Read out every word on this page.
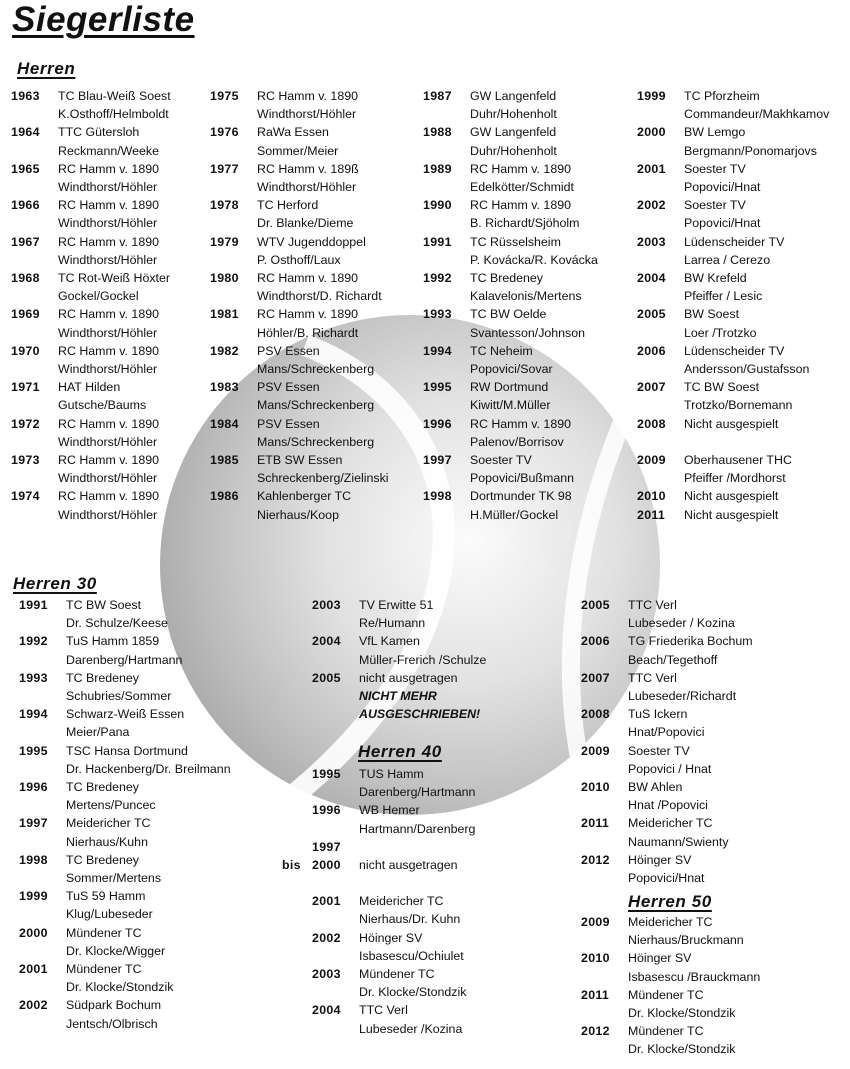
Siegerliste
Herren
1963	TC Blau-Weiß Soest
K.Osthoff/Helmboldt
1964	TTC Gütersloh
Reckmann/Weeke
1965	RC Hamm v. 1890
Windthorst/Höhler
1966	RC Hamm v. 1890
Windthorst/Höhler
1967	RC Hamm v. 1890
Windthorst/Höhler
1968	TC Rot-Weiß Höxter
Gockel/Gockel
1969	RC Hamm v. 1890
Windthorst/Höhler
1970	RC Hamm v. 1890
Windthorst/Höhler
1971	HAT Hilden
Gutsche/Baums
1972	RC Hamm v. 1890
Windthorst/Höhler
1973	RC Hamm v. 1890
Windthorst/Höhler
1974	RC Hamm v. 1890
Windthorst/Höhler
1975	RC Hamm v. 1890
Windthorst/Höhler
1976	RaWa Essen
Sommer/Meier
1977	RC Hamm v. 189ß
Windthorst/Höhler
1978	TC Herford
Dr. Blanke/Dieme
1979	WTV Jugenddoppel
P. Osthoff/Laux
1980	RC Hamm v. 1890
Windthorst/D. Richardt
1981	RC Hamm v. 1890
Höhler/B. Richardt
1982	PSV Essen
Mans/Schreckenberg
1983	PSV Essen
Mans/Schreckenberg
1984	PSV Essen
Mans/Schreckenberg
1985	ETB SW Essen
Schreckenberg/Zielinski
1986	Kahlenberger TC
Nierhaus/Koop
1987	GW Langenfeld
Duhr/Hohenholt
1988	GW Langenfeld
Duhr/Hohenholt
1989	RC Hamm v. 1890
Edelkötter/Schmidt
1990	RC Hamm v. 1890
B. Richardt/Sjöholm
1991	TC Rüsselsheim
P. Kovácka/R. Kovácka
1992	TC Bredeney
Kalavelonis/Mertens
1993	TC BW Oelde
Svantesson/Johnson
1994	TC Neheim
Popovici/Sovar
1995	RW Dortmund
Kiwitt/M.Müller
1996	RC Hamm v. 1890
Palenov/Borrisov
1997	Soester TV
Popovici/Bußmann
1998	Dortmunder TK 98
H.Müller/Gockel
1999	TC Pforzheim
Commandeur/Makhkamov
2000	BW Lemgo
Bergmann/Ponomarjovs
2001	Soester TV
Popovici/Hnat
2002	Soester TV
Popovici/Hnat
2003	Lüdenscheider TV
Larrea / Cerezo
2004	BW Krefeld
Pfeiffer / Lesic
2005	BW Soest
Loer /Trotzko
2006	Lüdenscheider TV
Andersson/Gustafsson
2007	TC BW Soest
Trotzko/Bornemann
2008	Nicht ausgespielt

2009	Oberhausener THC
Pfeiffer /Mordhorst
2010	Nicht ausgespielt
2011	Nicht ausgespielt
Herren 30
1991	TC BW Soest
Dr. Schulze/Keese
1992	TuS Hamm 1859
Darenberg/Hartmann
1993	TC Bredeney
Schubries/Sommer
1994	Schwarz-Weiß Essen
Meier/Pana
1995	TSC Hansa Dortmund
Dr. Hackenberg/Dr. Breilmann
1996	TC Bredeney
Mertens/Puncec
1997	Meidericher TC
Nierhaus/Kuhn
1998	TC Bredeney
Sommer/Mertens
1999	TuS 59 Hamm
Klug/Lubeseder
2000	Mündener TC
Dr. Klocke/Wigger
2001	Mündener TC
Dr. Klocke/Stondzik
2002	Südpark Bochum
Jentsch/Olbrisch
2003	TV Erwitte 51
Re/Humann
2004	VfL Kamen
Müller-Frerich /Schulze
2005	nicht ausgetragen
NICHT MEHR
AUSGESCHRIEBEN!
Herren 40
1995	TUS Hamm
Darenberg/Hartmann
1996	WB Hemer
Hartmann/Darenberg
1997
bis 2000
	nicht ausgetragen
2001	Meidericher TC
Nierhaus/Dr. Kuhn
2002	Höinger SV
Isbasescu/Ochiulet
2003	Mündener TC
Dr. Klocke/Stondzik
2004	TTC Verl
Lubeseder /Kozina
2005	TTC Verl
Lubeseder / Kozina
2006	TG Friederika Bochum
Beach/Tegethoff
2007	TTC Verl
Lubeseder/Richardt
2008	TuS Ickern
Hnat/Popovici
2009	Soester TV
Popovici / Hnat
2010	BW Ahlen
Hnat /Popovici
2011	Meidericher TC
Naumann/Swienty
2012	Höinger SV
Popovici/Hnat
Herren 50
2009	Meidericher TC
Nierhaus/Bruckmann
2010	Höinger SV
Isbasescu /Brauckmann
2011	Mündener TC
Dr. Klocke/Stondzik
2012	Mündener TC
Dr. Klocke/Stondzik
